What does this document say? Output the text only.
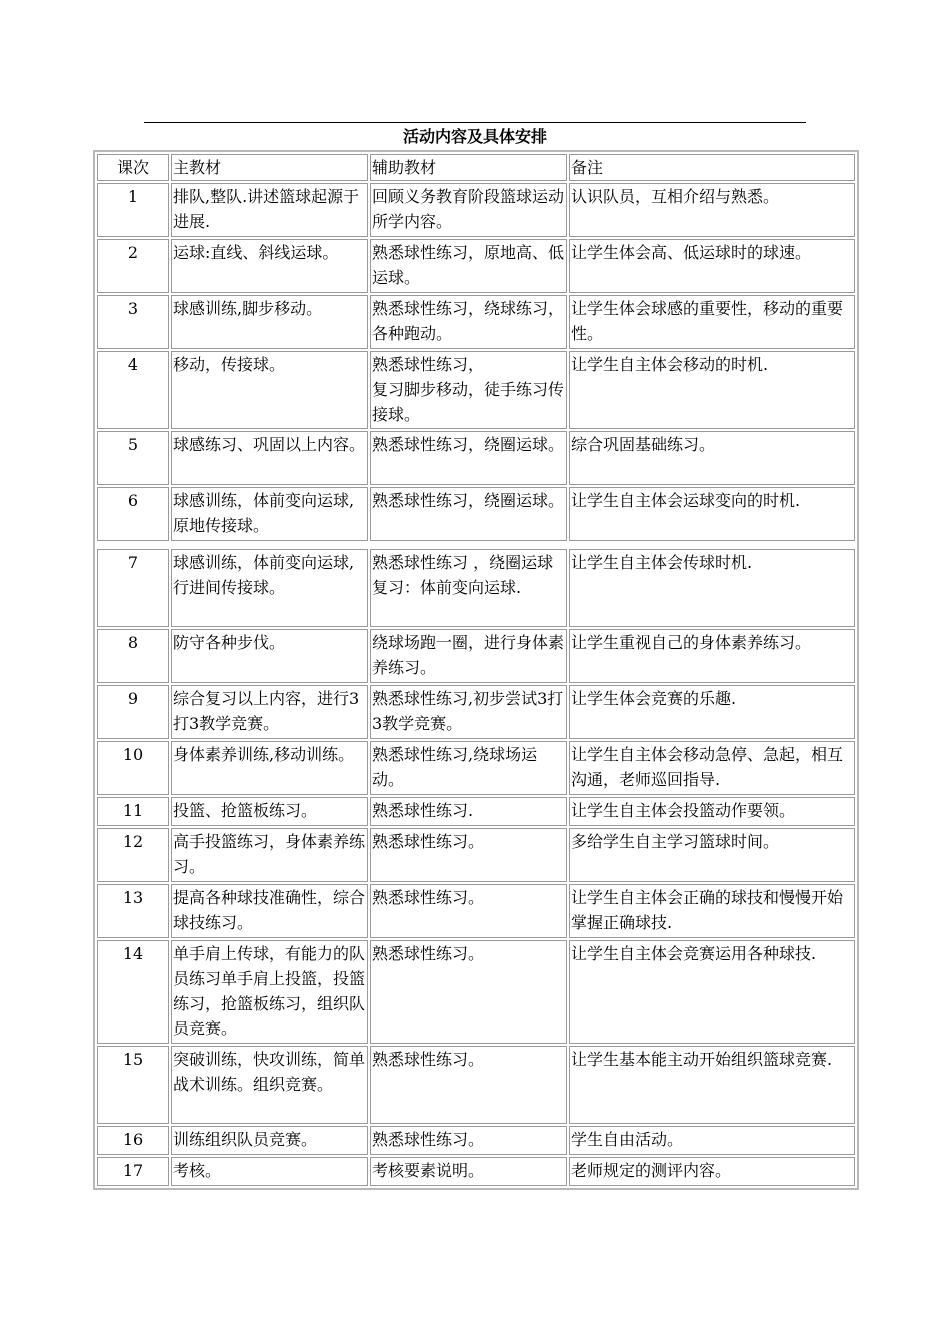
活动内容及具体安排
课次	主教材	辅助教材	备注
1	排队,整队.讲述篮球起源于进展.	回顾义务教育阶段篮球运动所学内容。	认识队员，互相介绍与熟悉。
2	运球:直线、斜线运球。	熟悉球性练习，原地高、低运球。	让学生体会高、低运球时的球速。
3	球感训练,脚步移动。	熟悉球性练习，绕球练习，各种跑动。	让学生体会球感的重要性，移动的重要性。
4	移动，传接球。	熟悉球性练习，
复习脚步移动，徒手练习传接球。	让学生自主体会移动的时机.
5	球感练习、巩固以上内容。	熟悉球性练习，绕圈运球。	综合巩固基础练习。
6	球感训练，体前变向运球,原地传接球。	熟悉球性练习，绕圈运球。	让学生自主体会运球变向的时机.

7	球感训练，体前变向运球,行进间传接球。	熟悉球性练习 ，绕圈运球
复习：体前变向运球.	让学生自主体会传球时机.
8	防守各种步伐。	绕球场跑一圈，进行身体素养练习。	让学生重视自己的身体素养练习。
9	综合复习以上内容，进行3打3教学竞赛。	熟悉球性练习,初步尝试3打3教学竞赛。	让学生体会竞赛的乐趣.
10	身体素养训练,移动训练。	熟悉球性练习,绕球场运动。	让学生自主体会移动急停、急起，相互沟通，老师巡回指导.
11	投篮、抢篮板练习。	熟悉球性练习.	让学生自主体会投篮动作要领。
12	高手投篮练习，身体素养练习。	熟悉球性练习。	多给学生自主学习篮球时间。
13	提高各种球技准确性，综合球技练习。	熟悉球性练习。	让学生自主体会正确的球技和慢慢开始掌握正确球技.
14	单手肩上传球，有能力的队员练习单手肩上投篮，投篮练习，抢篮板练习，组织队员竞赛。	熟悉球性练习。	让学生自主体会竞赛运用各种球技.
15	突破训练，快攻训练，简单战术训练。组织竞赛。	熟悉球性练习。	让学生基本能主动开始组织篮球竞赛.
16	训练组织队员竞赛。	熟悉球性练习。	学生自由活动。
17	考核。	考核要素说明。	老师规定的测评内容。
